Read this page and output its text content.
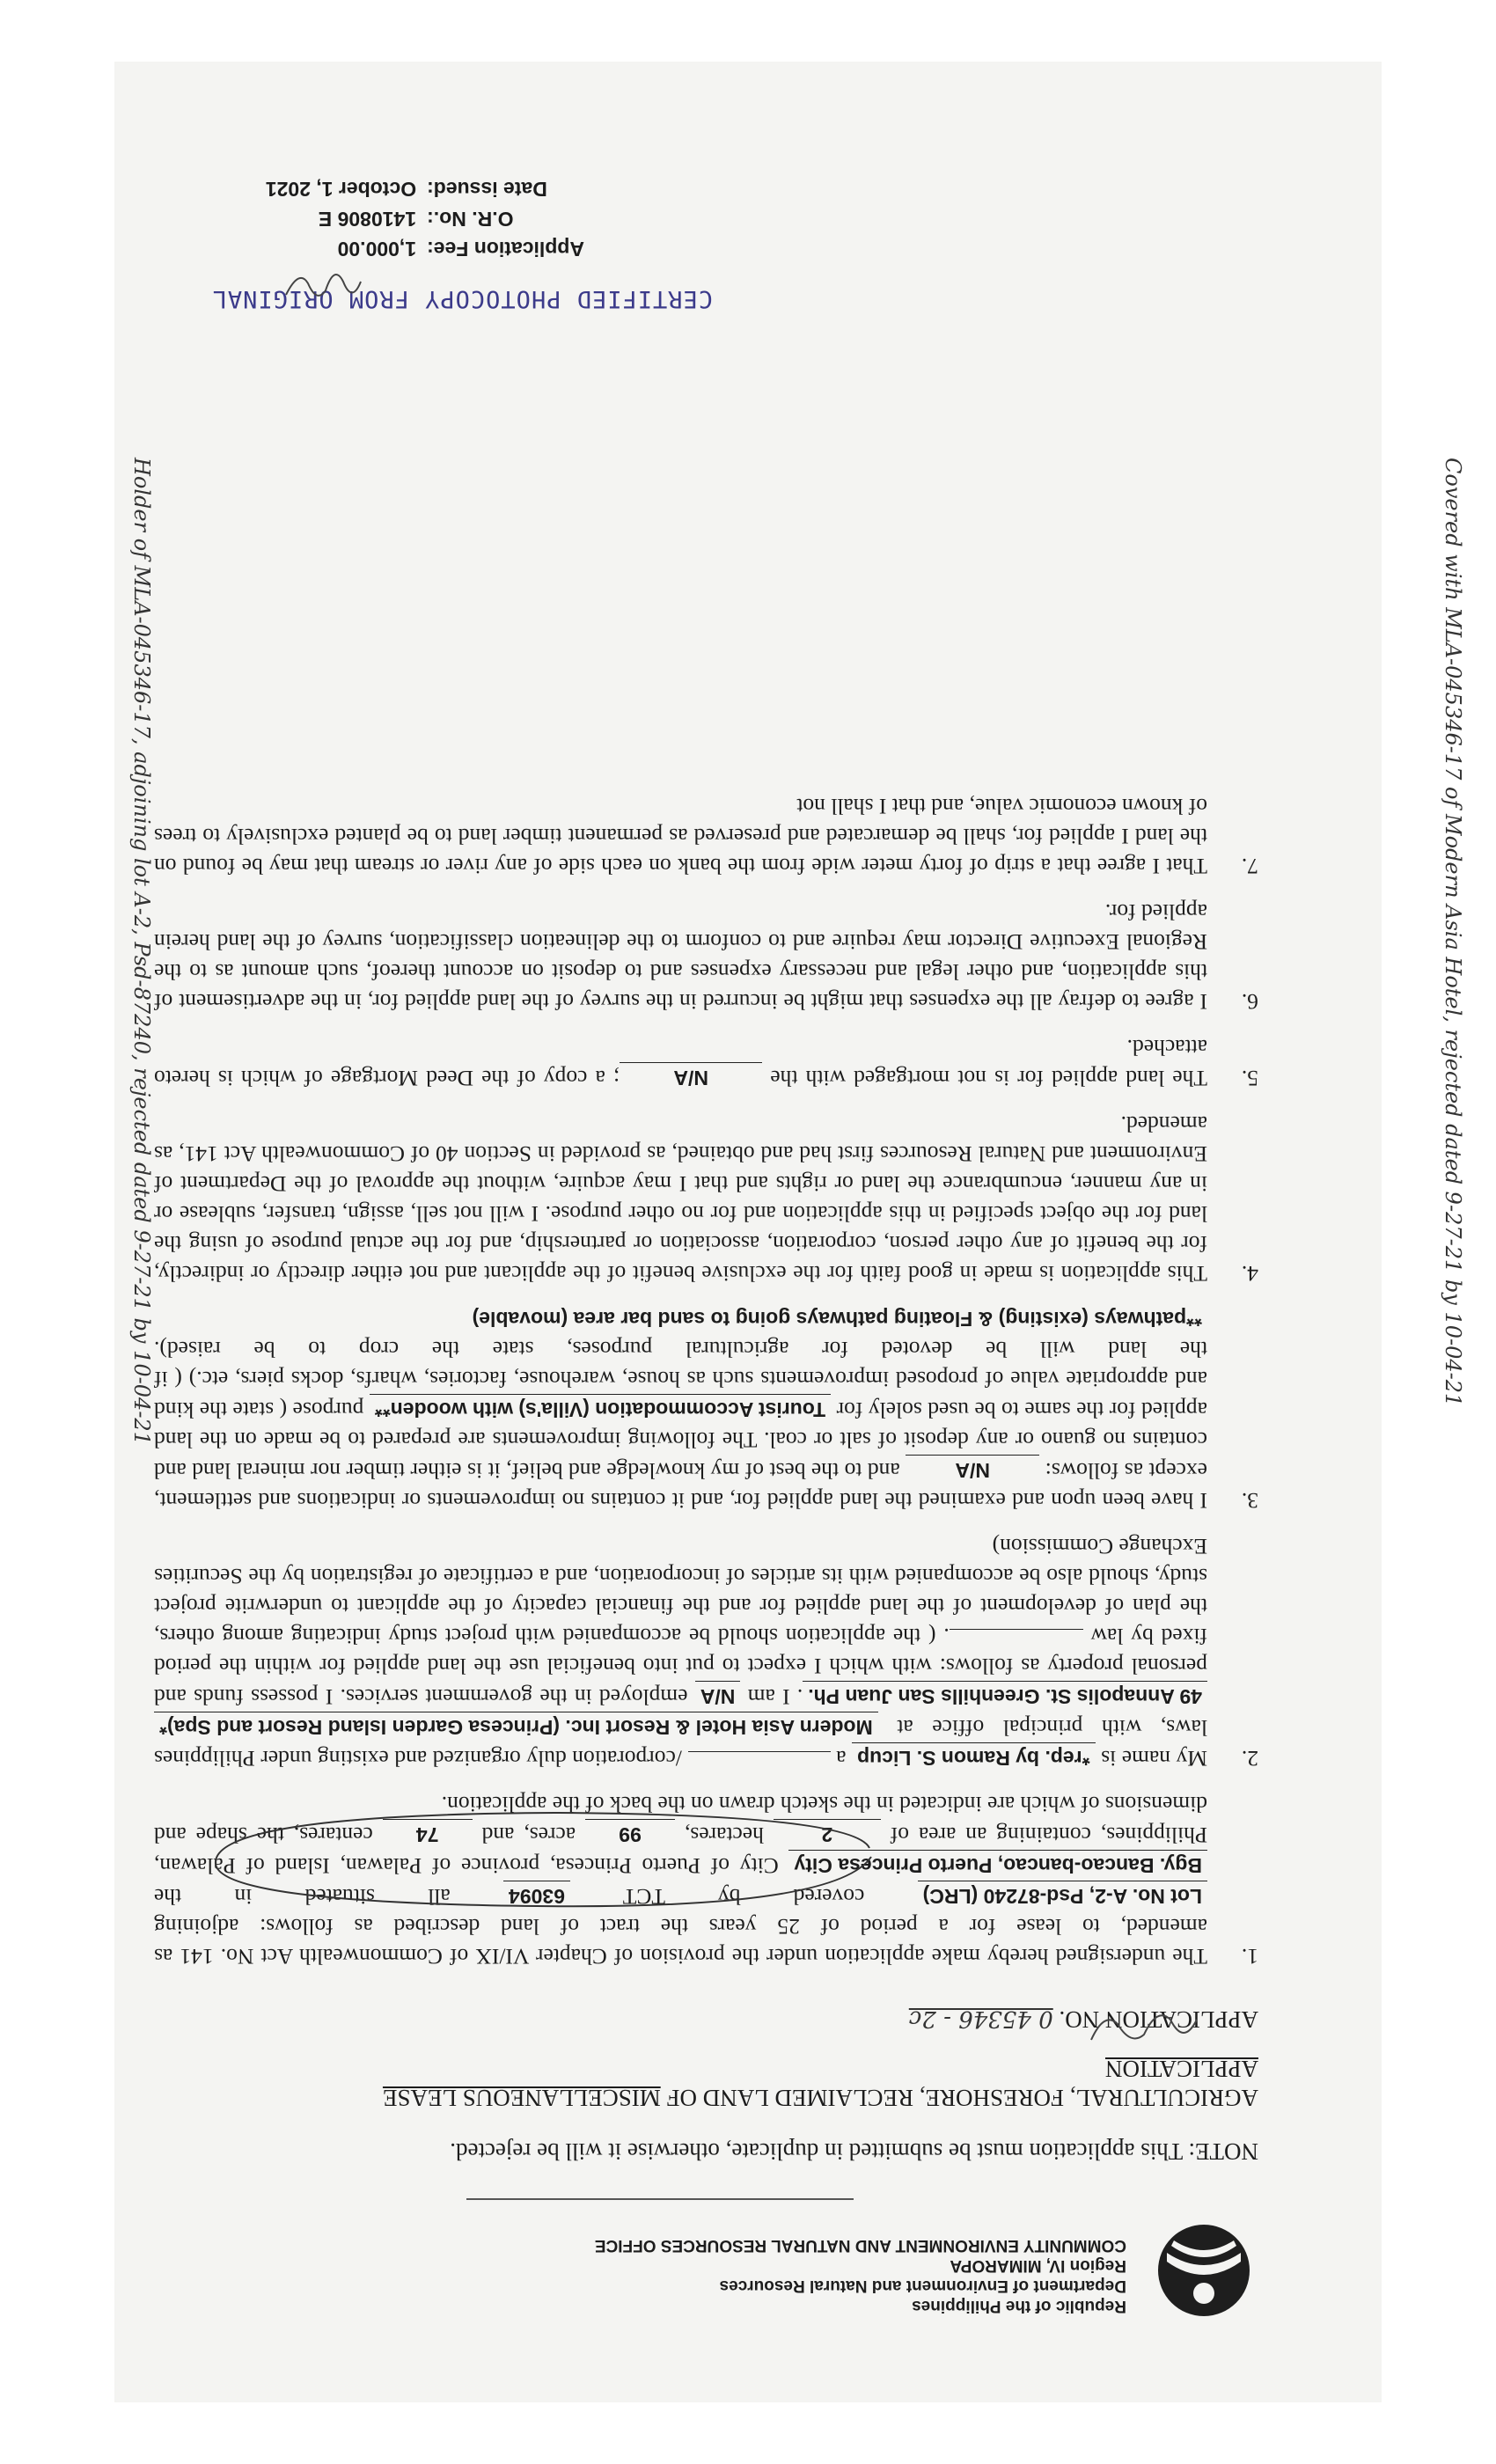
Republic of the Philippines
Department of Environment and Natural Resources
Region IV, MIMAROPA
COMMUNITY ENVIRONMENT AND NATURAL RESOURCES OFFICE
NOTE: This application must be submitted in duplicate, otherwise it will be rejected.
AGRICULTURAL, FORESHORE, RECLAIMED LAND OF MISCELLANEOUS LEASE
APPLICATION
APPLICATION NO. 0 45346 - 2c
1.
The undersigned hereby make application under the provision of Chapter VI/IX of Commonwealth Act No. 141 as amended, to lease for a period of 25 years the tract of land described as follows: adjoining Lot No. A-2, Psd-87240 (LRC) covered by TCT 63094 all situated in the Bgy. Bancao-bancao, Puerto Princesa City City of Puerto Princesa, province of Palawan, Island of Palawan, Philippines, containing an area of 2 hectares, 99 acres, and 74 centares, the shape and dimensions of which are indicated in the sketch drawn on the back of the application.
2.
My name is *rep. by Ramon S. Licup a  /corporation duly organized and existing under Philippines laws, with principal office at Modern Asia Hotel & Resort Inc. (Princesa Garden Island Resort and Spa)* 49 Annapolis St. Greenhills San Juan Ph.. I am N/A employed in the government services. I possess funds and personal property as follows: with which I expect to put into beneficial use the land applied for within the period fixed by law . ( the application should be accompanied with project study indicating among others, the plan of development of the land applied for and the financial capacity of the applicant to underwrite project study, should also be accompanied with its articles of incorporation, and a certificate of registration by the Securities Exchange Commission)
3.
I have been upon and examined the land applied for, and it contains no improvements or indications and settlement, except as follows: N/A and to the best of my knowledge and belief, it is either timber nor mineral land and contains no guano or any deposit of salt or coal. The following improvements are prepared to be made on the land applied for the same to be used solely for Tourist Accommodation (Villa's) with wooden** purpose ( state the kind and appropriate value of proposed improvements such as house, warehouse, factories, wharfs, docks piers, etc.) ( if the land will be devoted for agricultural purposes, state the crop to be raised). **pathways (existing) & Floating pathways going to sand bar area (movable)
4.
This application is made in good faith for the exclusive benefit of the applicant and not either directly or indirectly, for the benefit of any other person, corporation, association or partnership, and for the actual purpose of using the land for the object specified in this application and for no other purpose. I will not sell, assign, transfer, sublease or in any manner, encumbrance the land or rights and that I may acquire, without the approval of the Department of Environment and Natural Resources first had and obtained, as provided in Section 40 of Commonwealth Act 141, as amended.
5.
The land applied for is not mortgaged with the N/A; a copy of the Deed Mortgage of which is hereto attached.
6.
I agree to defray all the expenses that might be incurred in the survey of the land applied for, in the advertisement of this application, and other legal and necessary expenses and to deposit on account thereof, such amount as to the Regional Executive Director may require and to conform to the delineation classification, survey of the land herein applied for.
7.
That I agree that a strip of forty meter wide from the bank on each side of any river or stream that may be found on the land I applied for, shall be demarcated and preserved as permanent timber land to be planted exclusively to trees of known economic value, and that I shall not
CERTIFIED PHOTOCOPY FROM ORIGINAL
Application Fee:	1,000.00
O.R. No.:	1410806 E
Date issued:	October 1, 2021
Covered with MLA-045346-17 of Modern Asia Hotel, rejected dated 9-27-21 by 10-04-21
Holder of MLA-045346-17, adjoining lot A-2, Psd-87240, rejected dated 9-27-21 by 10-04-21
